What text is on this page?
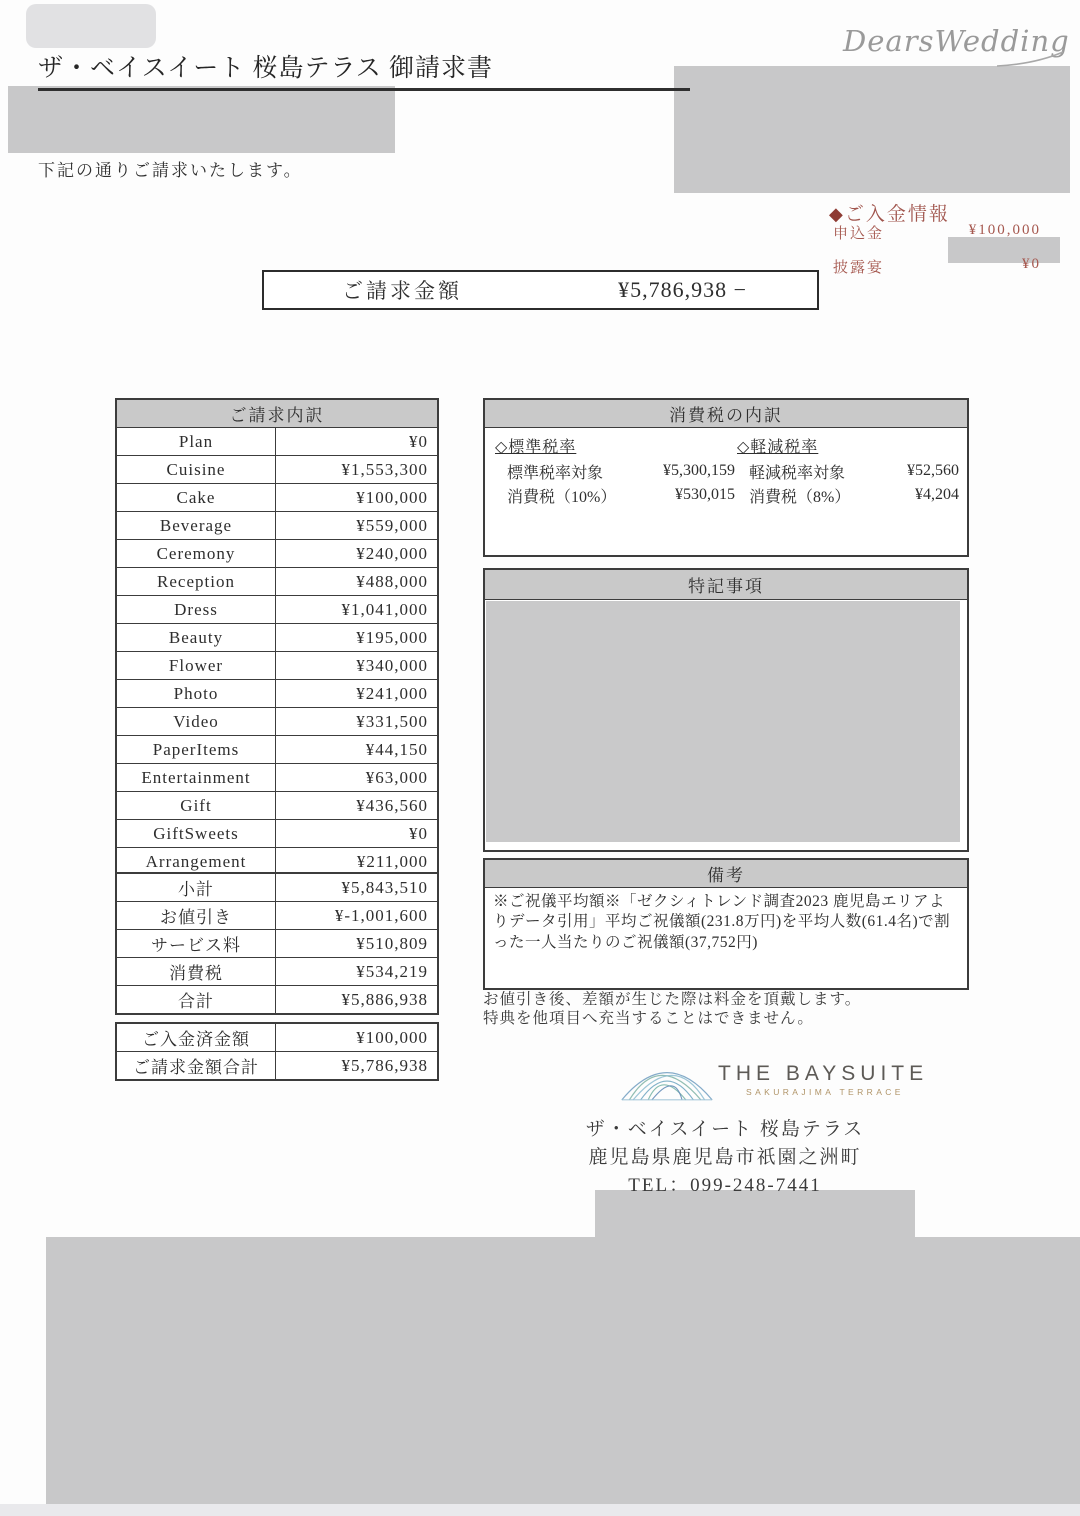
ザ・ベイスイート 桜島テラス 御請求書
DearsWedding
下記の通りご請求いたします。
◆ご入金情報
申込金	¥100,000
披露宴	¥0
ご請求金額	¥5,786,938 −
ご請求内訳
Plan	¥0
Cuisine	¥1,553,300
Cake	¥100,000
Beverage	¥559,000
Ceremony	¥240,000
Reception	¥488,000
Dress	¥1,041,000
Beauty	¥195,000
Flower	¥340,000
Photo	¥241,000
Video	¥331,500
PaperItems	¥44,150
Entertainment	¥63,000
Gift	¥436,560
GiftSweets	¥0
Arrangement	¥211,000
小計	¥5,843,510
お値引き	¥-1,001,600
サービス料	¥510,809
消費税	¥534,219
合計	¥5,886,938
ご入金済金額	¥100,000
ご請求金額合計	¥5,786,938
消費税の内訳
◇標準税率
標準税率対象	¥5,300,159
消費税（10%）	¥530,015
◇軽減税率
軽減税率対象	¥52,560
消費税（8%）	¥4,204
特記事項
備考
※ご祝儀平均額※「ゼクシィトレンド調査2023 鹿児島エリアよりデータ引用」平均ご祝儀額(231.8万円)を平均人数(61.4名)で割った一人当たりのご祝儀額(37,752円)
お値引き後、差額が生じた際は料金を頂戴します。
特典を他項目へ充当することはできません。
THE BAYSUITE
SAKURAJIMA TERRACE
ザ・ベイスイート 桜島テラス
鹿児島県鹿児島市祇園之洲町
TEL：099-248-7441
